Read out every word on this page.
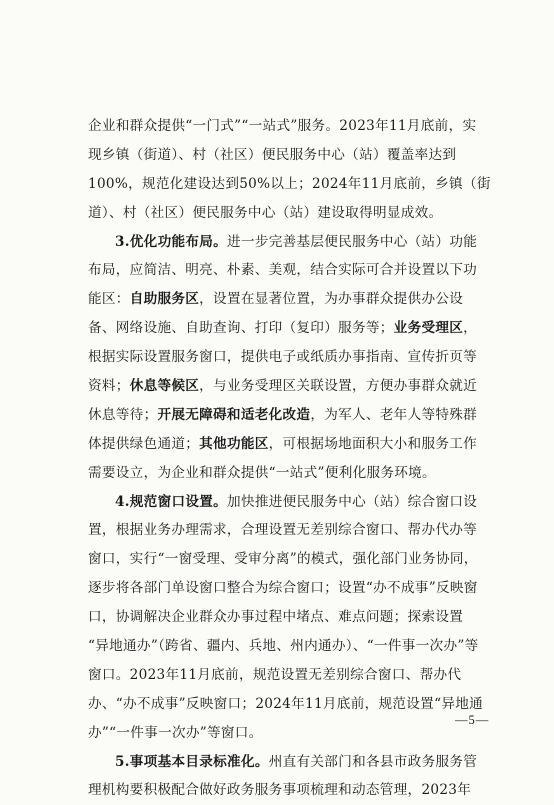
企业和群众提供“一门式”“一站式”服务。2023年11月底前，实
现乡镇（街道）、村（社区）便民服务中心（站）覆盖率达到
100%，规范化建设达到50%以上；2024年11月底前，乡镇（街
道）、村（社区）便民服务中心（站）建设取得明显成效。
3.优化功能布局。进一步完善基层便民服务中心（站）功能
布局，应简洁、明亮、朴素、美观，结合实际可合并设置以下功
能区：自助服务区，设置在显著位置，为办事群众提供办公设
备、网络设施、自助查询、打印（复印）服务等；业务受理区，
根据实际设置服务窗口，提供电子或纸质办事指南、宣传折页等
资料；休息等候区，与业务受理区关联设置，方便办事群众就近
休息等待；开展无障碍和适老化改造，为军人、老年人等特殊群
体提供绿色通道；其他功能区，可根据场地面积大小和服务工作
需要设立，为企业和群众提供“一站式”便利化服务环境。
4.规范窗口设置。加快推进便民服务中心（站）综合窗口设
置，根据业务办理需求，合理设置无差别综合窗口、帮办代办等
窗口，实行“一窗受理、受审分离”的模式，强化部门业务协同，
逐步将各部门单设窗口整合为综合窗口；设置“办不成事”反映窗
口，协调解决企业群众办事过程中堵点、难点问题；探索设置
“异地通办”（跨省、疆内、兵地、州内通办）、“一件事一次办”等
窗口。2023年11月底前，规范设置无差别综合窗口、帮办代
办、“办不成事”反映窗口；2024年11月底前，规范设置“异地通
办”“一件事一次办”等窗口。
5.事项基本目录标准化。州直有关部门和各县市政务服务管
理机构要积极配合做好政务服务事项梳理和动态管理，2023年
—5—
